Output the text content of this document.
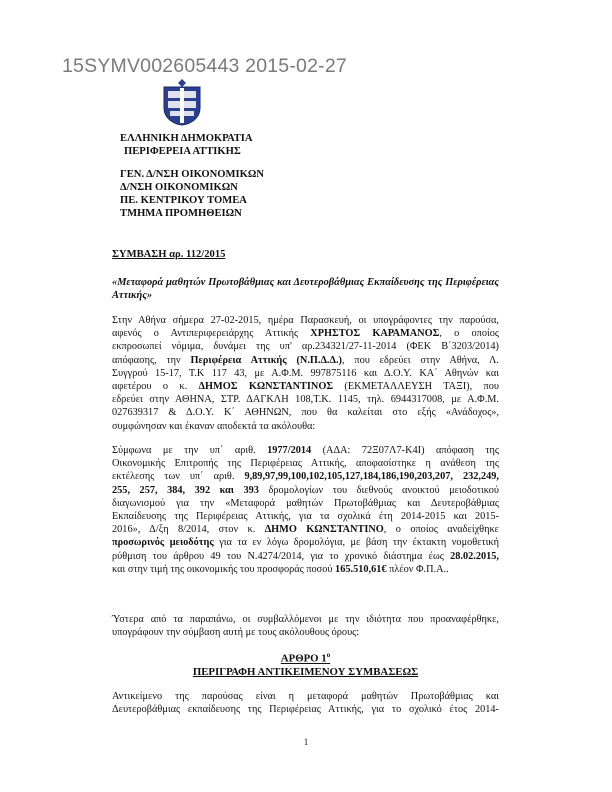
15SYMV002605443 2015-02-27
ΕΛΛΗΝΙΚΗ ΔΗΜΟΚΡΑΤΙΑ
ΠΕΡΙΦΕΡΕΙΑ ΑΤΤΙΚΗΣ
ΓΕΝ. Δ/ΝΣΗ ΟΙΚΟΝΟΜΙΚΩΝ
Δ/ΝΣΗ ΟΙΚΟΝΟΜΙΚΩΝ
ΠΕ. ΚΕΝΤΡΙΚΟΥ ΤΟΜΕΑ
ΤΜΗΜΑ ΠΡΟΜΗΘΕΙΩΝ
ΣΥΜΒΑΣΗ αρ. 112/2015
«Μεταφορά μαθητών Πρωτοβάθμιας και Δευτεροβάθμιας Εκπαίδευσης της Περιφέρειας Αττικής»
Στην Αθήνα σήμερα 27-02-2015, ημέρα Παρασκευή, οι υπογράφοντες την παρούσα,
αφενός ο Αντιπεριφερειάρχης Αττικής ΧΡΗΣΤΟΣ ΚΑΡΑΜΑΝΟΣ, ο οποίος
εκπροσωπεί νόμιμα, δυνάμει της υπ' αρ.234321/27-11-2014 (ΦΕΚ Β΄3203/2014)
απόφασης, την Περιφέρεια Αττικής (Ν.Π.Δ.Δ.), που εδρεύει στην Αθήνα, Λ.
Συγγρού 15-17, Τ.Κ 117 43, με Α.Φ.Μ. 997875116 και Δ.Ο.Υ. ΚΑ΄ Αθηνών και
αφετέρου ο κ. ΔΗΜΟΣ ΚΩΝΣΤΑΝΤΙΝΟΣ (ΕΚΜΕΤΑΛΛΕΥΣΗ ΤΑΞΙ), που
εδρεύει στην ΑΘΗΝΑ, ΣΤΡ. ΔΑΓΚΛΗ 108,Τ.Κ. 1145, τηλ. 6944317008, με Α.Φ.Μ.
027639317 & Δ.Ο.Υ. Κ΄ ΑΘΗΝΩΝ, που θα καλείται στο εξής «Ανάδοχος»,
συμφώνησαν και έκαναν αποδεκτά τα ακόλουθα:
Σύμφωνα με την υπ΄ αριθ. 1977/2014 (ΑΔΑ: 72Ξ07Λ7-Κ4Ι) απόφαση της
Οικονομικής Επιτροπής της Περιφέρειας Αττικής, αποφασίστηκε η ανάθεση της
εκτέλεσης των υπ΄ αριθ. 9,89,97,99,100,102,105,127,184,186,190,203,207, 232,249,
255, 257, 384, 392 και 393 δρομολογίων του διεθνούς ανοικτού μειοδοτικού
διαγωνισμού για την «Μεταφορά μαθητών Πρωτοβάθμιας και Δευτεροβάθμιας
Εκπαίδευσης της Περιφέρειας Αττικής, για τα σχολικά έτη 2014-2015 και 2015-
2016», Δ/ξη 8/2014, στον κ. ΔΗΜΟ ΚΩΝΣΤΑΝΤΙΝΟ, ο οποίος αναδείχθηκε
προσωρινός μειοδότης για τα εν λόγω δρομολόγια, με βάση την έκτακτη νομοθετική
ρύθμιση του άρθρου 49 του Ν.4274/2014, για το χρονικό διάστημα έως 28.02.2015,
και στην τιμή της οικονομικής του προσφοράς ποσού 165.510,61€ πλέον Φ.Π.Α..
Ύστερα από τα παραπάνω, οι συμβαλλόμενοι με την ιδιότητα που προαναφέρθηκε,
υπογράφουν την σύμβαση αυτή με τους ακόλουθους όρους:
ΑΡΘΡΟ $1^o$
ΠΕΡΙΓΡΑΦΗ ΑΝΤΙΚΕΙΜΕΝΟΥ ΣΥΜΒΑΣΕΩΣ
Αντικείμενο της παρούσας είναι η μεταφορά μαθητών Πρωτοβάθμιας και
Δευτεροβάθμιας εκπαίδευσης της Περιφέρειας Αττικής, για το σχολικό έτος 2014-
1
